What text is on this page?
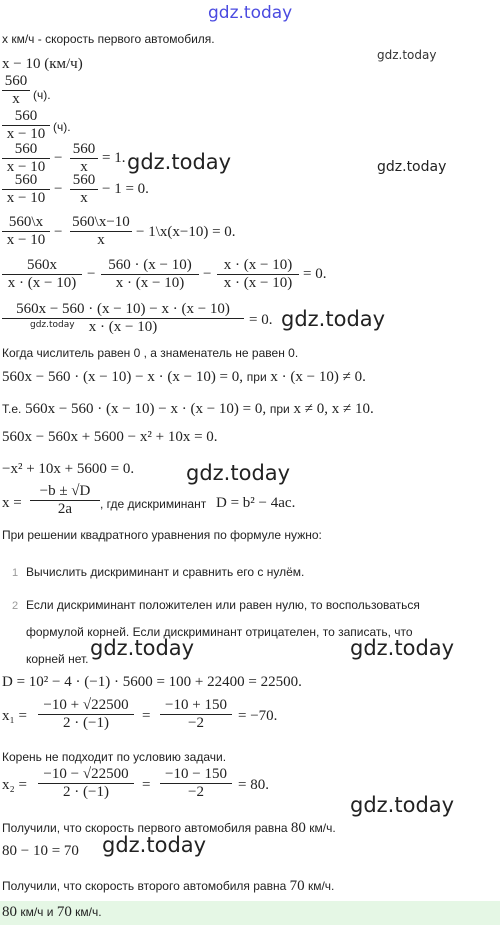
gdz.today
x км/ч - скорость первого автомобиля.
gdz.today
x − 10 (км/ч)
560
x	(ч).
560
x − 10 (ч).
560
x − 10
−
560
x
= 1. gdz.today	gdz.today
560
x − 10
−
560
x
− 1 = 0.
560\x
x − 10 −
560\x−10
x	− 1\x(x−10) = 0.
560x
x · (x − 10)
−
560 · (x − 10)
x · (x − 10)
−
x · (x − 10)
x · (x − 10)
= 0.
560x − 560 · (x − 10) − x · (x − 10)
x · (x − 10)
gdz.today	= 0. gdz.today
Когда числитель равен 0 , а знаменатель не равен 0.
560x − 560 · (x − 10) − x · (x − 10) = 0, при x · (x − 10) ≠ 0.
Т.е. 560x − 560 · (x − 10) − x · (x − 10) = 0, при x ≠ 0, x ≠ 10.
560x − 560x + 5600 − x² + 10x = 0.
−x² + 10x + 5600 = 0. gdz.today
x =
−b ± √D
2a	, где дискриминант D = b² − 4ac.
При решении квадратного уравнения по формуле нужно:
1 Вычислить дискриминант и сравнить его с нулём.
2 Если дискриминант положителен или равен нулю, то воспользоваться
формулой корней. Если дискриминант отрицателен, то записать, что
корней нет. gdz.today	gdz.today
D = 10² − 4 · (−1) · 5600 = 100 + 22400 = 22500.
x₁ =
−10 + √22500
2 · (−1)	=
−10 + 150
−2	= −70.
Корень не подходит по условию задачи.
x₂ =
−10 − √22500
2 · (−1)	=
−10 − 150
−2	= 80.
gdz.today
Получили, что скорость первого автомобиля равна 80 км/ч.
80 − 10 = 70 gdz.today
Получили, что скорость второго автомобиля равна 70 км/ч.
80 км/ч и 70 км/ч.
